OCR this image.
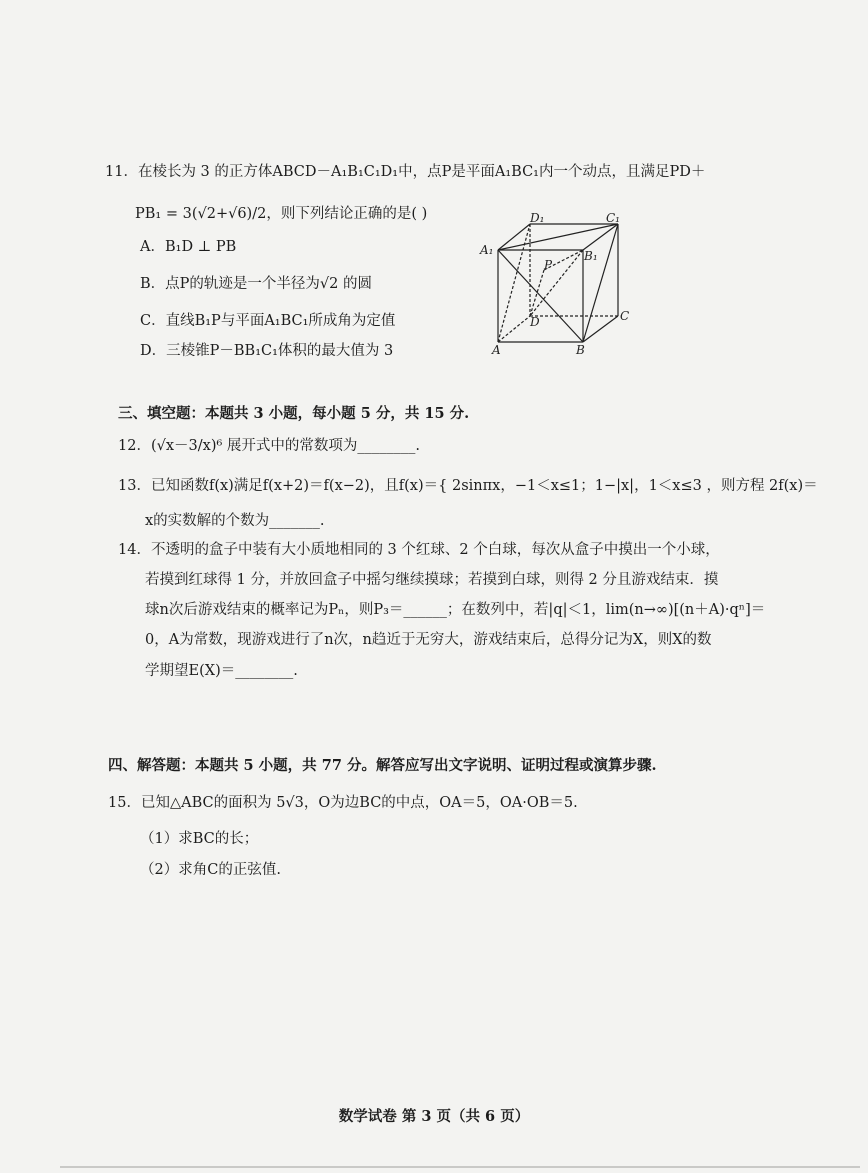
11．在棱长为 3 的正方体ABCD－A₁B₁C₁D₁中，点P是平面A₁BC₁内一个动点，且满足PD＋
PB₁ = 3(√2+√6)/2，则下列结论正确的是( )
A．B₁D ⊥ PB
B．点P的轨迹是一个半径为√2 的圆
C．直线B₁P与平面A₁BC₁所成角为定值
D．三棱锥P－BB₁C₁体积的最大值为 3
D₁	C₁
A₁	B₁
P
D	C
A	B
三、填空题：本题共 3 小题，每小题 5 分，共 15 分.
12．(√x－3/x)⁶ 展开式中的常数项为________.
13．已知函数f(x)满足f(x+2)＝f(x−2)，且f(x)＝{ 2sinπx，−1＜x≤1；1−|x|，1＜x≤3 ，则方程 2f(x)＝
x的实数解的个数为_______.
14．不透明的盒子中装有大小质地相同的 3 个红球、2 个白球，每次从盒子中摸出一个小球，
若摸到红球得 1 分，并放回盒子中摇匀继续摸球；若摸到白球，则得 2 分且游戏结束．摸
球n次后游戏结束的概率记为Pₙ，则P₃＝______；在数列中，若|q|＜1，lim(n→∞)[(n＋A)·qⁿ]＝
0，A为常数，现游戏进行了n次，n趋近于无穷大，游戏结束后，总得分记为X，则X的数
学期望E(X)＝________.
四、解答题：本题共 5 小题，共 77 分。解答应写出文字说明、证明过程或演算步骤.
15．已知△ABC的面积为 5√3，O为边BC的中点，OA＝5，OA·OB＝5.
（1）求BC的长；
（2）求角C的正弦值.
数学试卷 第 3 页（共 6 页）
